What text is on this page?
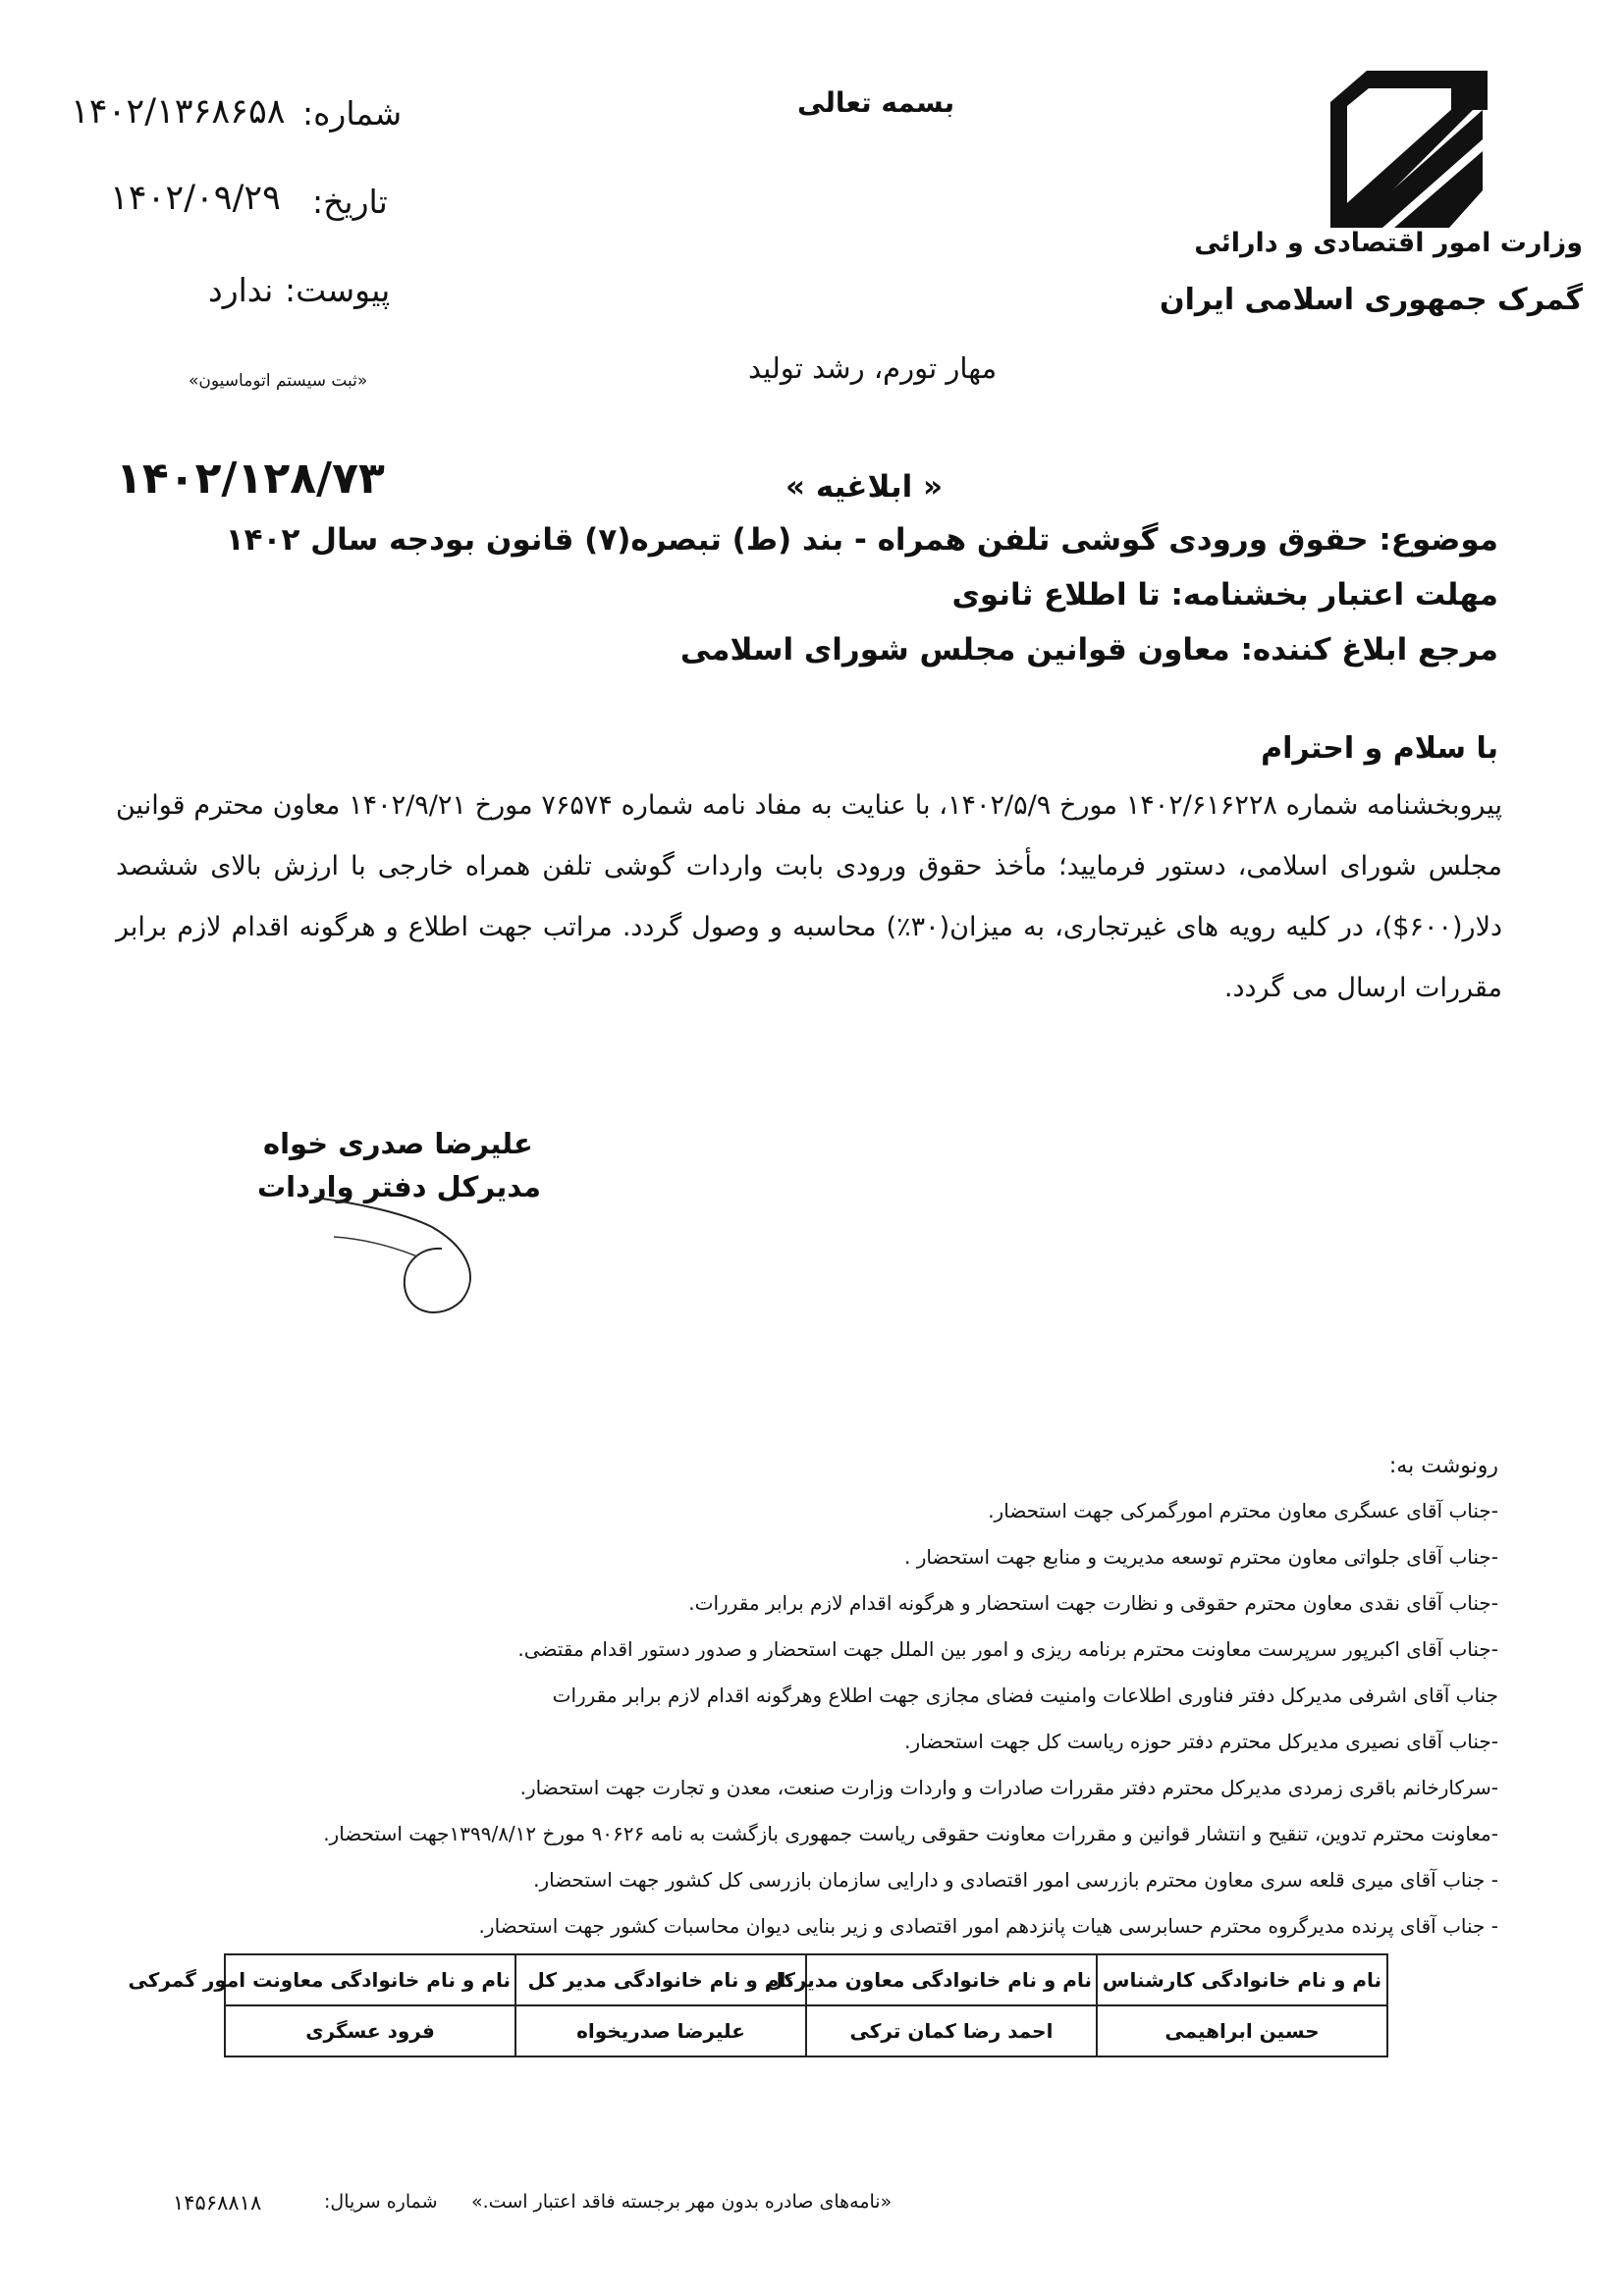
وزارت امور اقتصادی و دارائی
گمرک جمهوری اسلامی ایران
بسمه تعالی
مهار تورم، رشد تولید
شماره:
۱۴۰۲/۱۳۶۸۶۵۸
تاریخ:
۱۴۰۲/۰۹/۲۹
پیوست:
ندارد
«ثبت سیستم اتوماسیون»
« ابلاغیه »
۱۴۰۲/۱۲۸/۷۳
موضوع: حقوق ورودی گوشی تلفن همراه - بند (ط) تبصره(۷) قانون بودجه سال ۱۴۰۲
مهلت اعتبار بخشنامه: تا اطلاع ثانوی
مرجع ابلاغ کننده: معاون قوانین مجلس شورای اسلامی
با سلام و احترام
پیروبخشنامه شماره ۱۴۰۲/۶۱۶۲۲۸ مورخ ۱۴۰۲/۵/۹، با عنایت به مفاد نامه شماره ۷۶۵۷۴ مورخ ۱۴۰۲/۹/۲۱ معاون محترم قوانین مجلس شورای اسلامی، دستور فرمایید؛ مأخذ حقوق ورودی بابت واردات گوشی تلفن همراه خارجی با ارزش بالای ششصد دلار(۶۰۰$)، در کلیه رویه های غیرتجاری، به میزان(۳۰٪) محاسبه و وصول گردد. مراتب جهت اطلاع و هرگونه اقدام لازم برابر مقررات ارسال می گردد.
علیرضا صدری خواه
مدیرکل دفتر واردات
رونوشت به:
-جناب آقای عسگری معاون محترم امورگمرکی جهت استحضار.
-جناب آقای جلواتی معاون محترم توسعه مدیریت و منابع جهت استحضار .
-جناب آقای نقدی معاون محترم حقوقی و نظارت جهت استحضار و هرگونه اقدام لازم برابر مقررات.
-جناب آقای اکبرپور سرپرست معاونت محترم برنامه ریزی و امور بین الملل جهت استحضار و صدور دستور اقدام مقتضی.
جناب آقای اشرفی مدیرکل دفتر فناوری اطلاعات وامنیت فضای مجازی جهت اطلاع وهرگونه اقدام لازم برابر مقررات
-جناب آقای نصیری مدیرکل محترم دفتر حوزه ریاست کل جهت استحضار.
-سرکارخانم باقری زمردی مدیرکل محترم دفتر مقررات صادرات و واردات وزارت صنعت، معدن و تجارت جهت استحضار.
-معاونت محترم تدوین، تنقیح و انتشار قوانین و مقررات معاونت حقوقی ریاست جمهوری بازگشت به نامه ۹۰۶۲۶ مورخ ۱۳۹۹/۸/۱۲جهت استحضار.
- جناب آقای میری قلعه سری معاون محترم بازرسی امور اقتصادی و دارایی سازمان بازرسی کل کشور جهت استحضار.
- جناب آقای پرنده مدیرگروه محترم حسابرسی هیات پانزدهم امور اقتصادی و زیر بنایی دیوان محاسبات کشور جهت استحضار.
نام و نام خانوادگی کارشناس	نام و نام خانوادگی معاون مدیرکل	نام و نام خانوادگی مدیر کل	نام و نام خانوادگی معاونت امور گمرکی
حسین ابراهیمی	احمد رضا کمان ترکی	علیرضا صدریخواه	فرود عسگری
«نامه‌های صادره بدون مهر برجسته فاقد اعتبار است.»
شماره سریال:
۱۴۵۶۸۸۱۸
